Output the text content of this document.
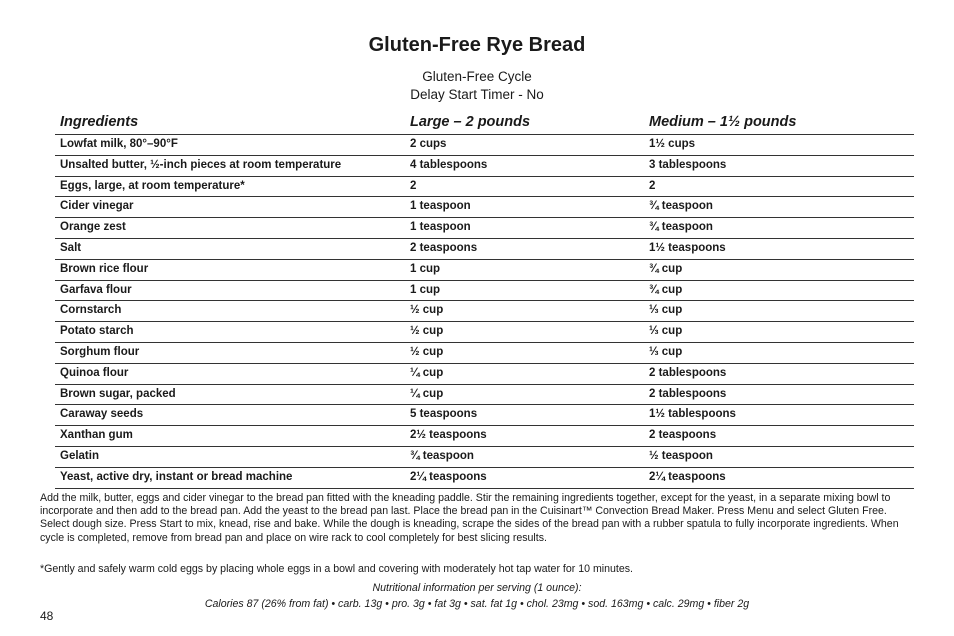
Gluten-Free Rye Bread
Gluten-Free Cycle
Delay Start Timer - No
Ingredients	Large – 2 pounds	Medium – 1½ pounds
Lowfat milk, 80°–90°F	2 cups	1½ cups
Unsalted butter, ½-inch pieces at room temperature	4 tablespoons	3 tablespoons
Eggs, large, at room temperature*	2	2
Cider vinegar	1 teaspoon	¾ teaspoon
Orange zest	1 teaspoon	¾ teaspoon
Salt	2 teaspoons	1½ teaspoons
Brown rice flour	1 cup	¾ cup
Garfava flour	1 cup	¾ cup
Cornstarch	½ cup	⅓ cup
Potato starch	½ cup	⅓ cup
Sorghum flour	½ cup	⅓ cup
Quinoa flour	¼ cup	2 tablespoons
Brown sugar, packed	¼ cup	2 tablespoons
Caraway seeds	5 teaspoons	1½ tablespoons
Xanthan gum	2½ teaspoons	2 teaspoons
Gelatin	¾ teaspoon	½ teaspoon
Yeast, active dry, instant or bread machine	2¼ teaspoons	2¼ teaspoons

Add the milk, butter, eggs and cider vinegar to the bread pan fitted with the kneading paddle. Stir the remaining ingredients together, except for the yeast, in a separate mixing bowl to incorporate and then add to the bread pan. Add the yeast to the bread pan last. Place the bread pan in the Cuisinart™ Convection Bread Maker. Press Menu and select Gluten Free. Select dough size. Press Start to mix, knead, rise and bake. While the dough is kneading, scrape the sides of the bread pan with a rubber spatula to fully incorporate ingredients. When cycle is completed, remove from bread pan and place on wire rack to cool completely for best slicing results.

*Gently and safely warm cold eggs by placing whole eggs in a bowl and covering with moderately hot tap water for 10 minutes.

Nutritional information per serving (1 ounce):
Calories 87 (26% from fat) • carb. 13g • pro. 3g • fat 3g • sat. fat 1g • chol. 23mg • sod. 163mg • calc. 29mg • fiber 2g
48
